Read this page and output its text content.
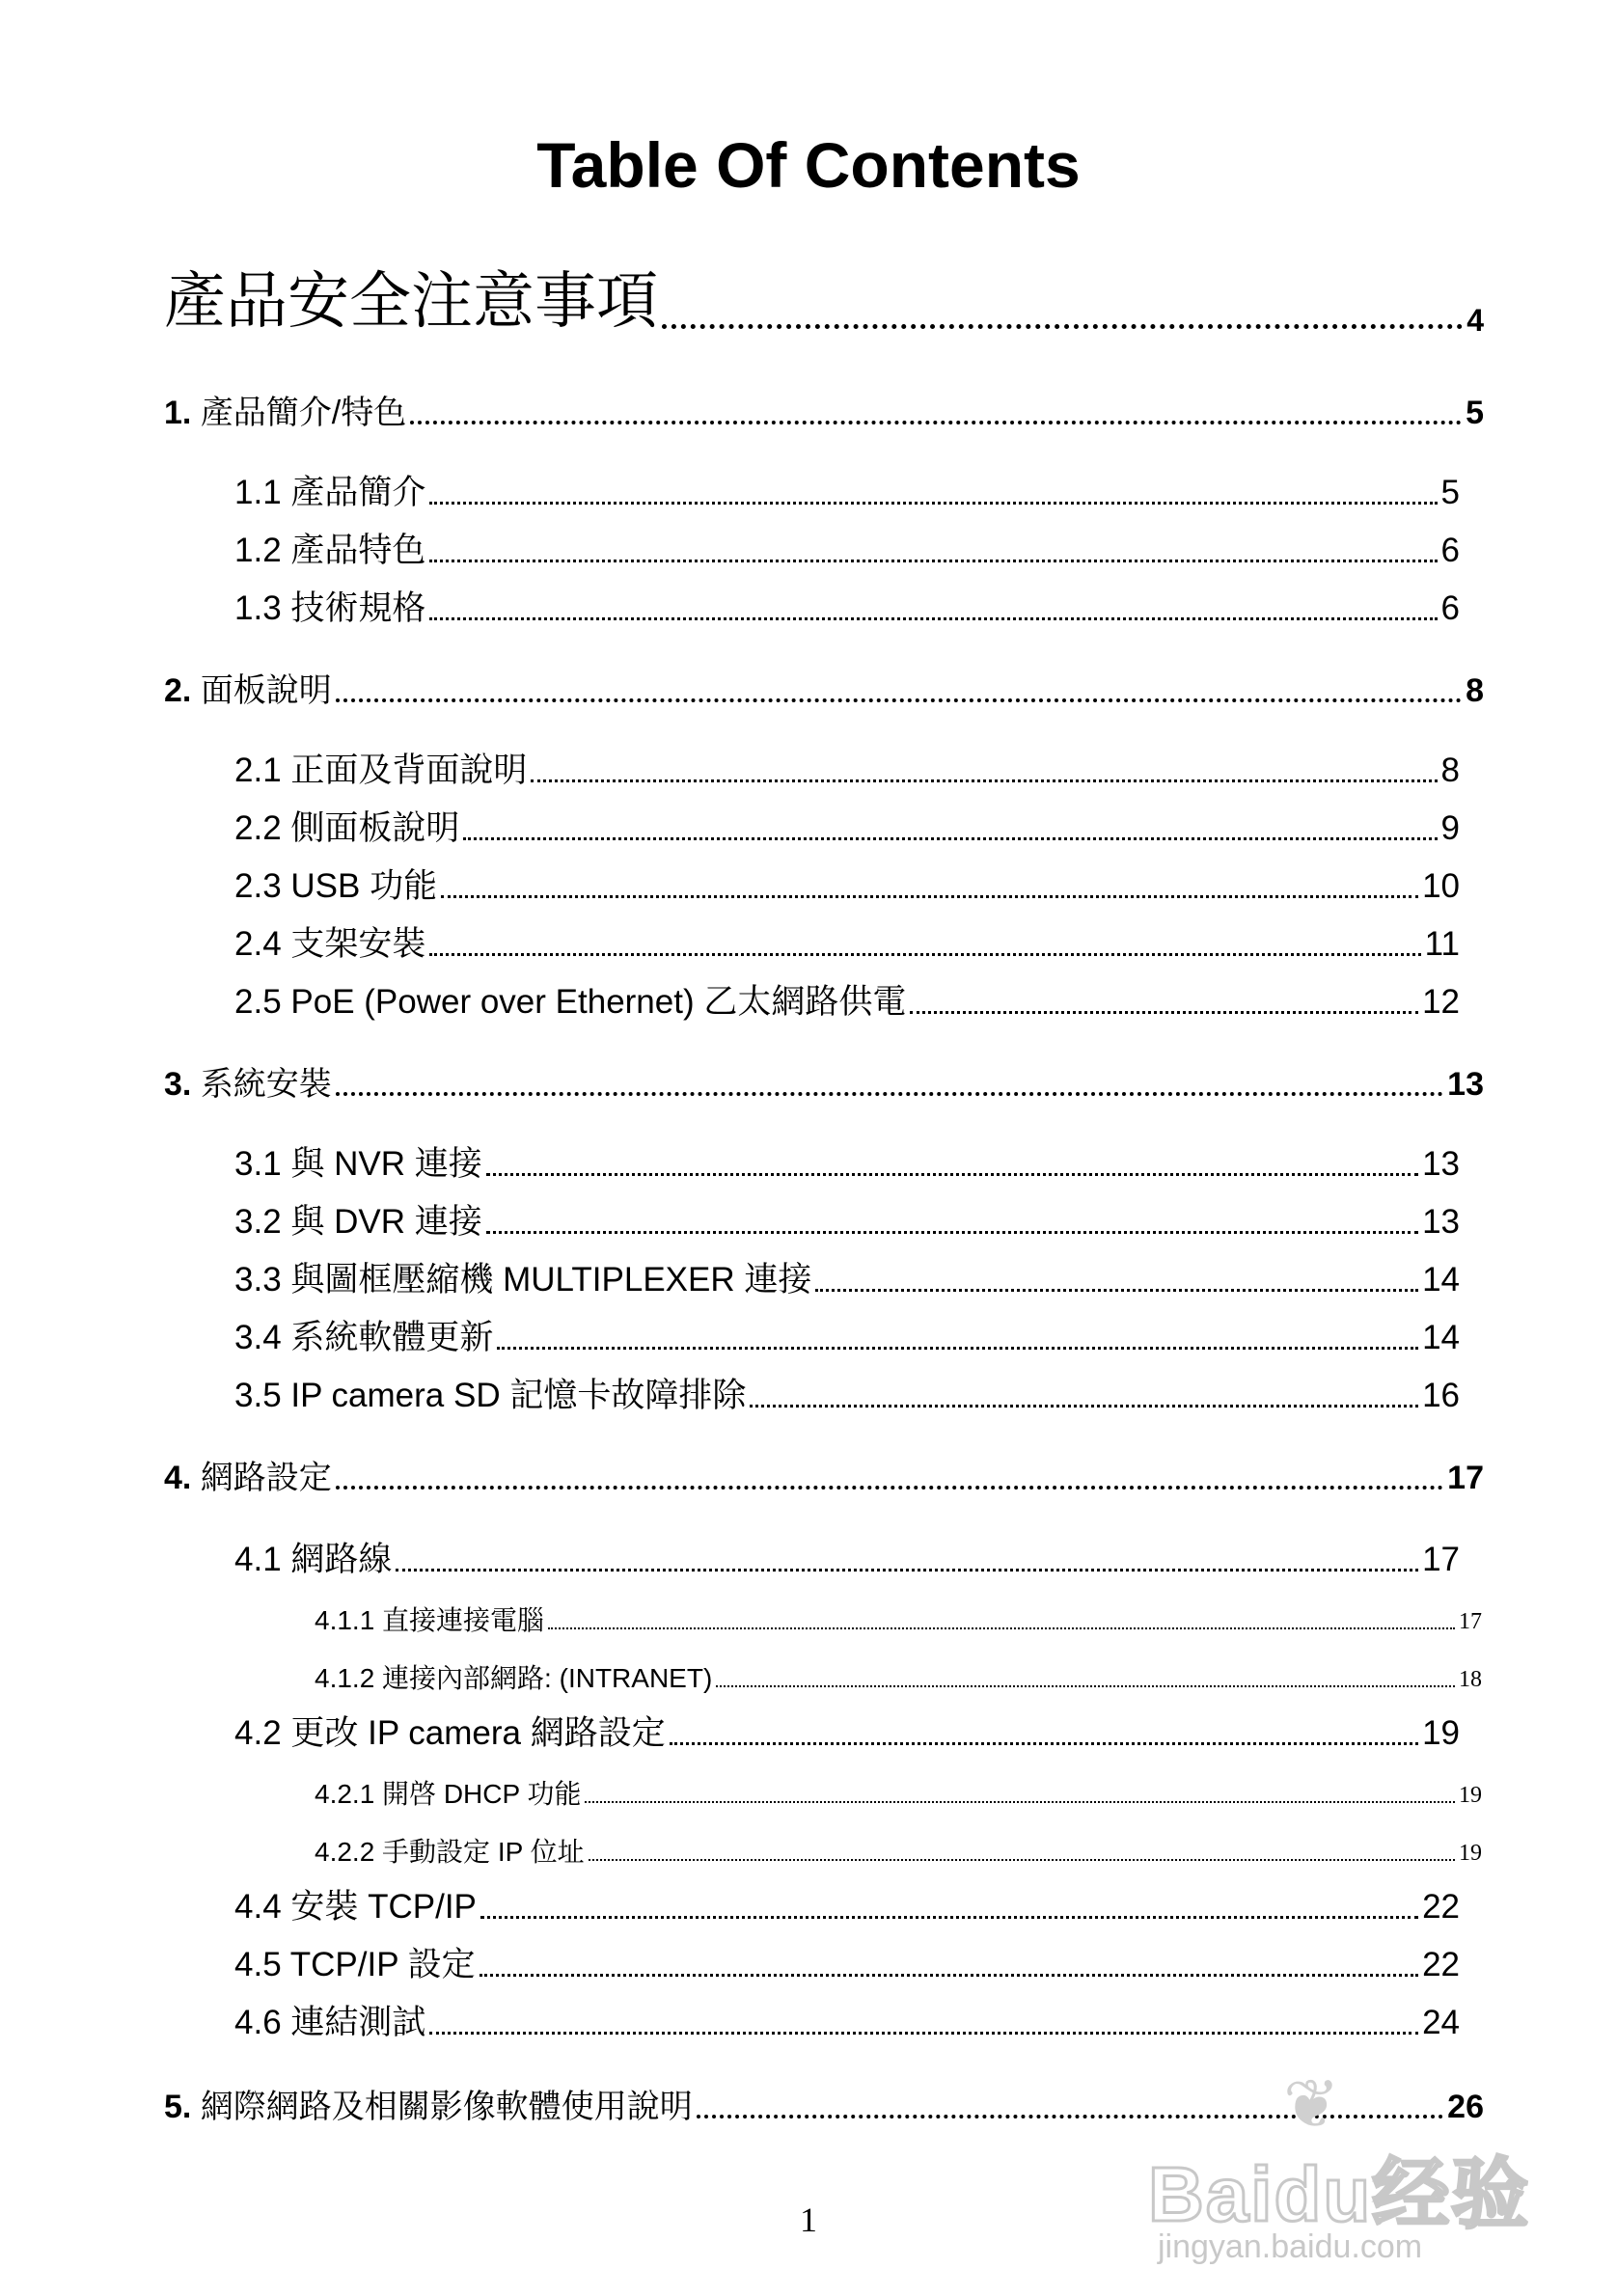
Table Of Contents
產品安全注意事項	4
1. 產品簡介/特色	5
1.1 產品簡介	5
1.2 產品特色	6
1.3 技術規格	6
2. 面板說明	8
2.1 正面及背面說明	8
2.2 側面板說明	9
2.3 USB 功能	10
2.4 支架安裝	11
2.5 PoE (Power over Ethernet) 乙太網路供電	12
3. 系統安裝	13
3.1 與 NVR 連接	13
3.2 與 DVR 連接	13
3.3 與圖框壓縮機 MULTIPLEXER 連接	14
3.4 系統軟體更新	14
3.5 IP camera SD 記憶卡故障排除	16
4. 網路設定	17
4.1 網路線	17
4.1.1 直接連接電腦	17
4.1.2 連接內部網路: (INTRANET)	18
4.2 更改 IP camera 網路設定	19
4.2.1 開啓 DHCP 功能	19
4.2.2 手動設定 IP 位址	19
4.4 安裝 TCP/IP	22
4.5 TCP/IP 設定	22
4.6 連結測試	24
5. 網際網路及相關影像軟體使用說明	26
1
❦
Baidu经验
jingyan.baidu.com
